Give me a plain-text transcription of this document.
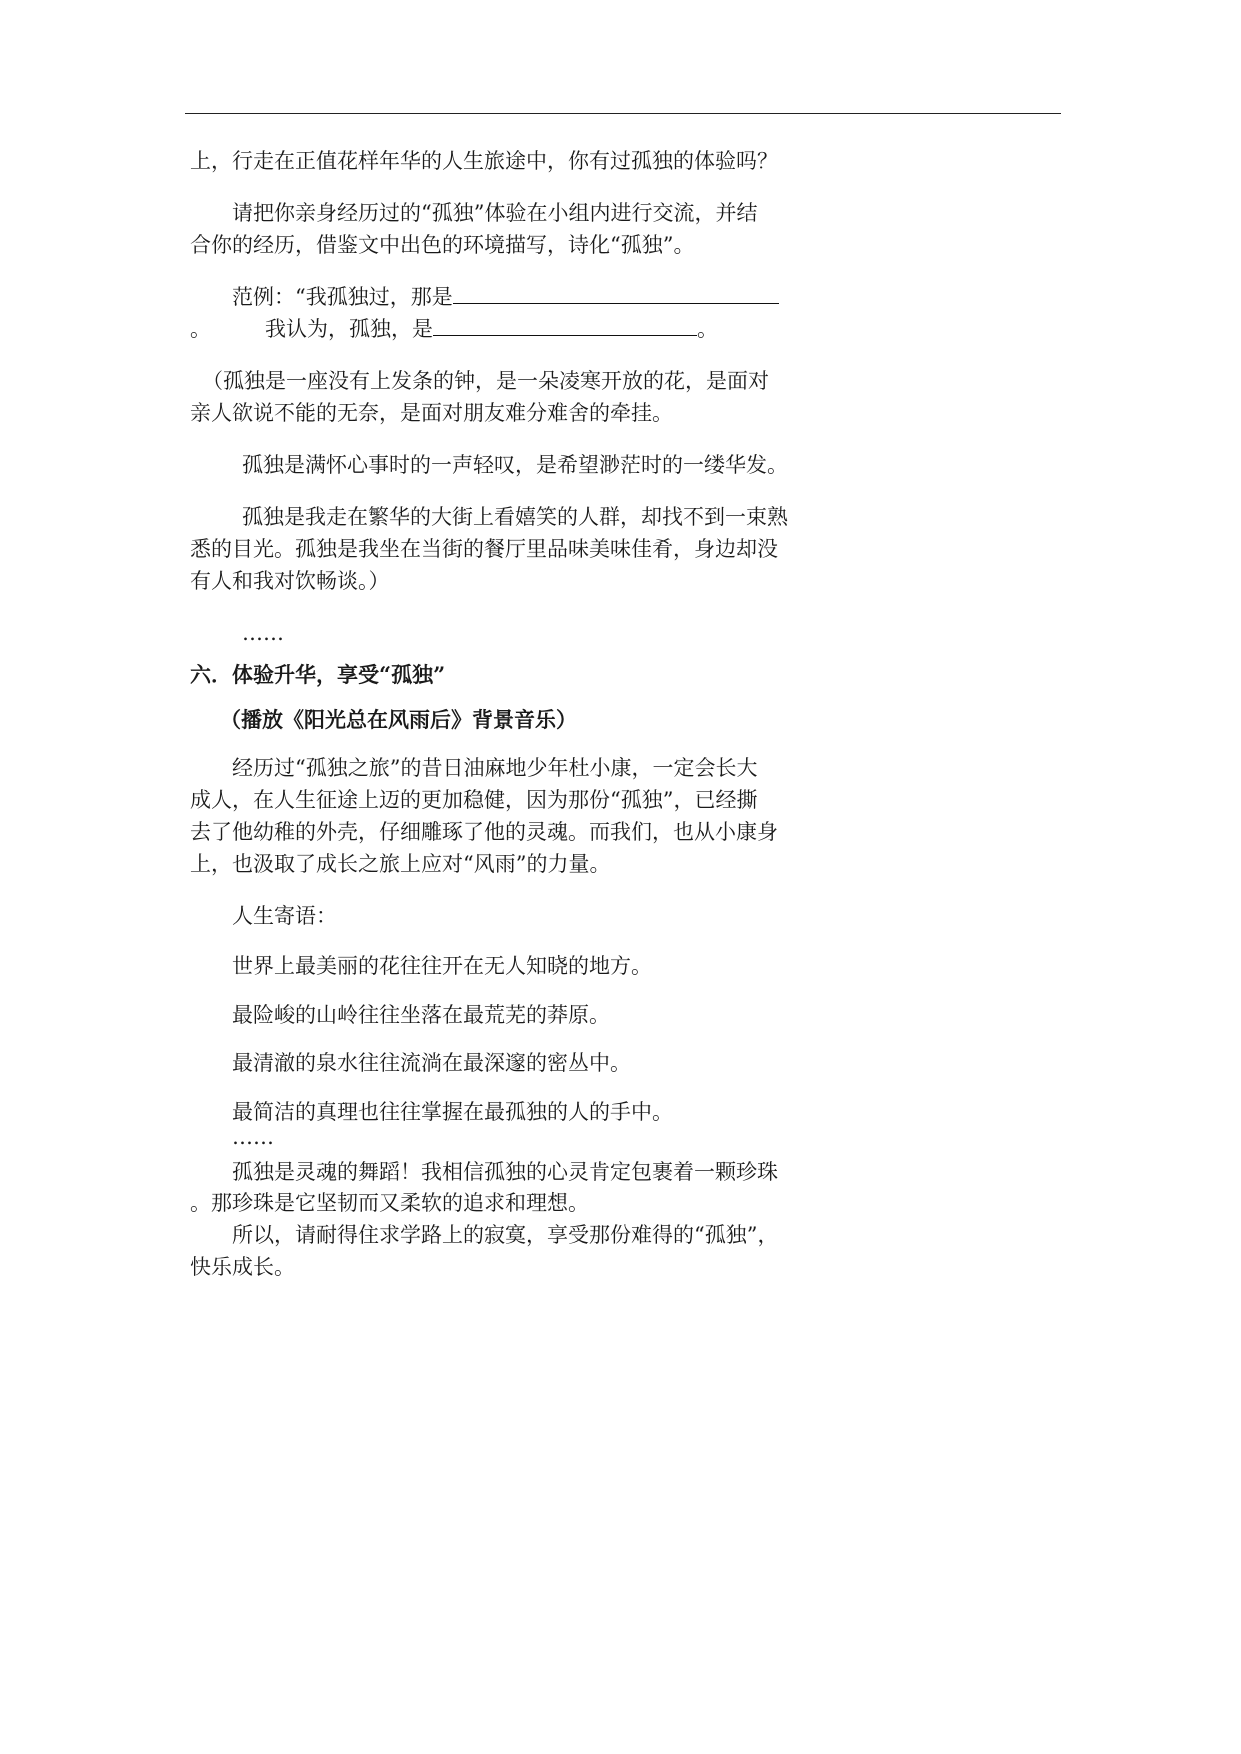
上，行走在正值花样年华的人生旅途中，你有过孤独的体验吗？
请把你亲身经历过的“孤独”体验在小组内进行交流，并结
合你的经历，借鉴文中出色的环境描写，诗化“孤独”。
范例：“我孤独过，那是
。	我认为，孤独，是	。
（孤独是一座没有上发条的钟，是一朵凌寒开放的花，是面对
亲人欲说不能的无奈，是面对朋友难分难舍的牵挂。
孤独是满怀心事时的一声轻叹，是希望渺茫时的一缕华发。
孤独是我走在繁华的大街上看嬉笑的人群，却找不到一束熟
悉的目光。孤独是我坐在当街的餐厅里品味美味佳肴，身边却没
有人和我对饮畅谈。）
……
六．体验升华，享受“孤独”
（播放《阳光总在风雨后》背景音乐）
经历过“孤独之旅”的昔日油麻地少年杜小康，一定会长大
成人，在人生征途上迈的更加稳健，因为那份“孤独”，已经撕
去了他幼稚的外壳，仔细雕琢了他的灵魂。而我们，也从小康身
上，也汲取了成长之旅上应对“风雨”的力量。
人生寄语：
世界上最美丽的花往往开在无人知晓的地方。
最险峻的山岭往往坐落在最荒芜的莽原。
最清澈的泉水往往流淌在最深邃的密丛中。
最简洁的真理也往往掌握在最孤独的人的手中。
……
孤独是灵魂的舞蹈！我相信孤独的心灵肯定包裹着一颗珍珠
。那珍珠是它坚韧而又柔软的追求和理想。
所以，请耐得住求学路上的寂寞，享受那份难得的“孤独”，
快乐成长。
